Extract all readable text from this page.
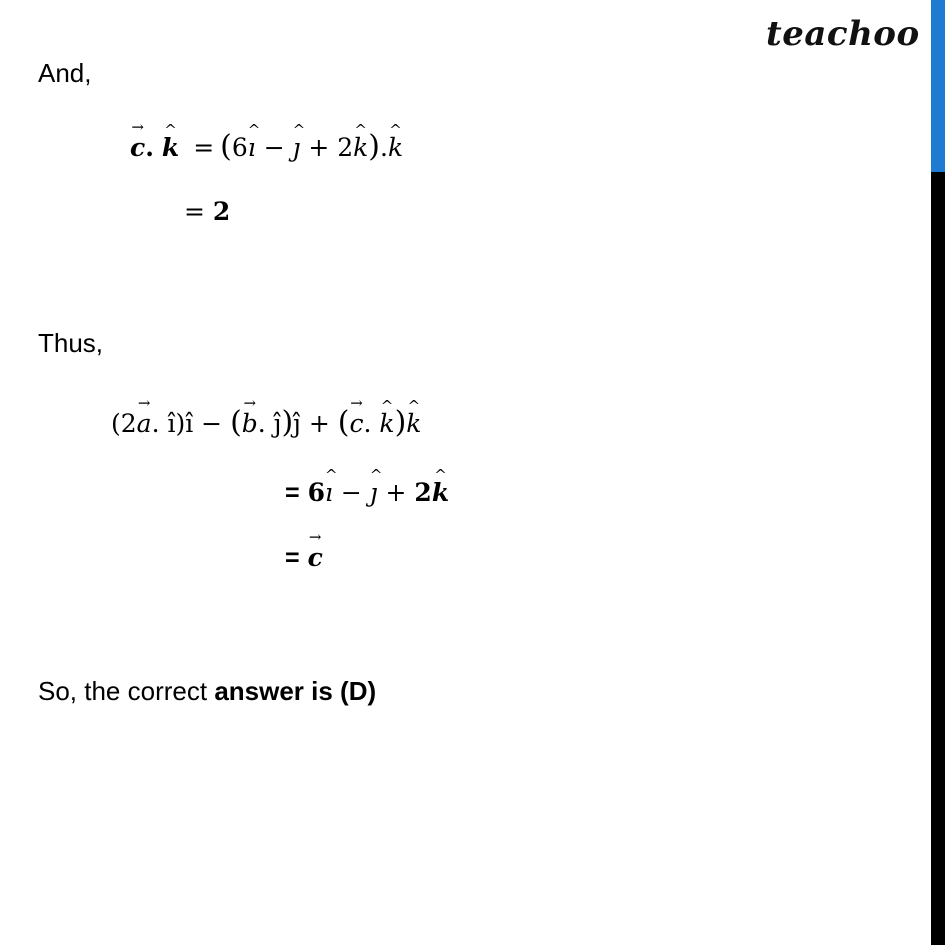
teachoo
And,
→ c. ^ k = (6^ ı − ^ ȷ + 2^ k).^ k
= 2
Thus,
(2→ a. î)î − (→ b. ĵ)ĵ + (→ c. ^ k)^ k
= 6^ ı − ^ ȷ + 2^ k
= → c
So, the correct answer is (D)
